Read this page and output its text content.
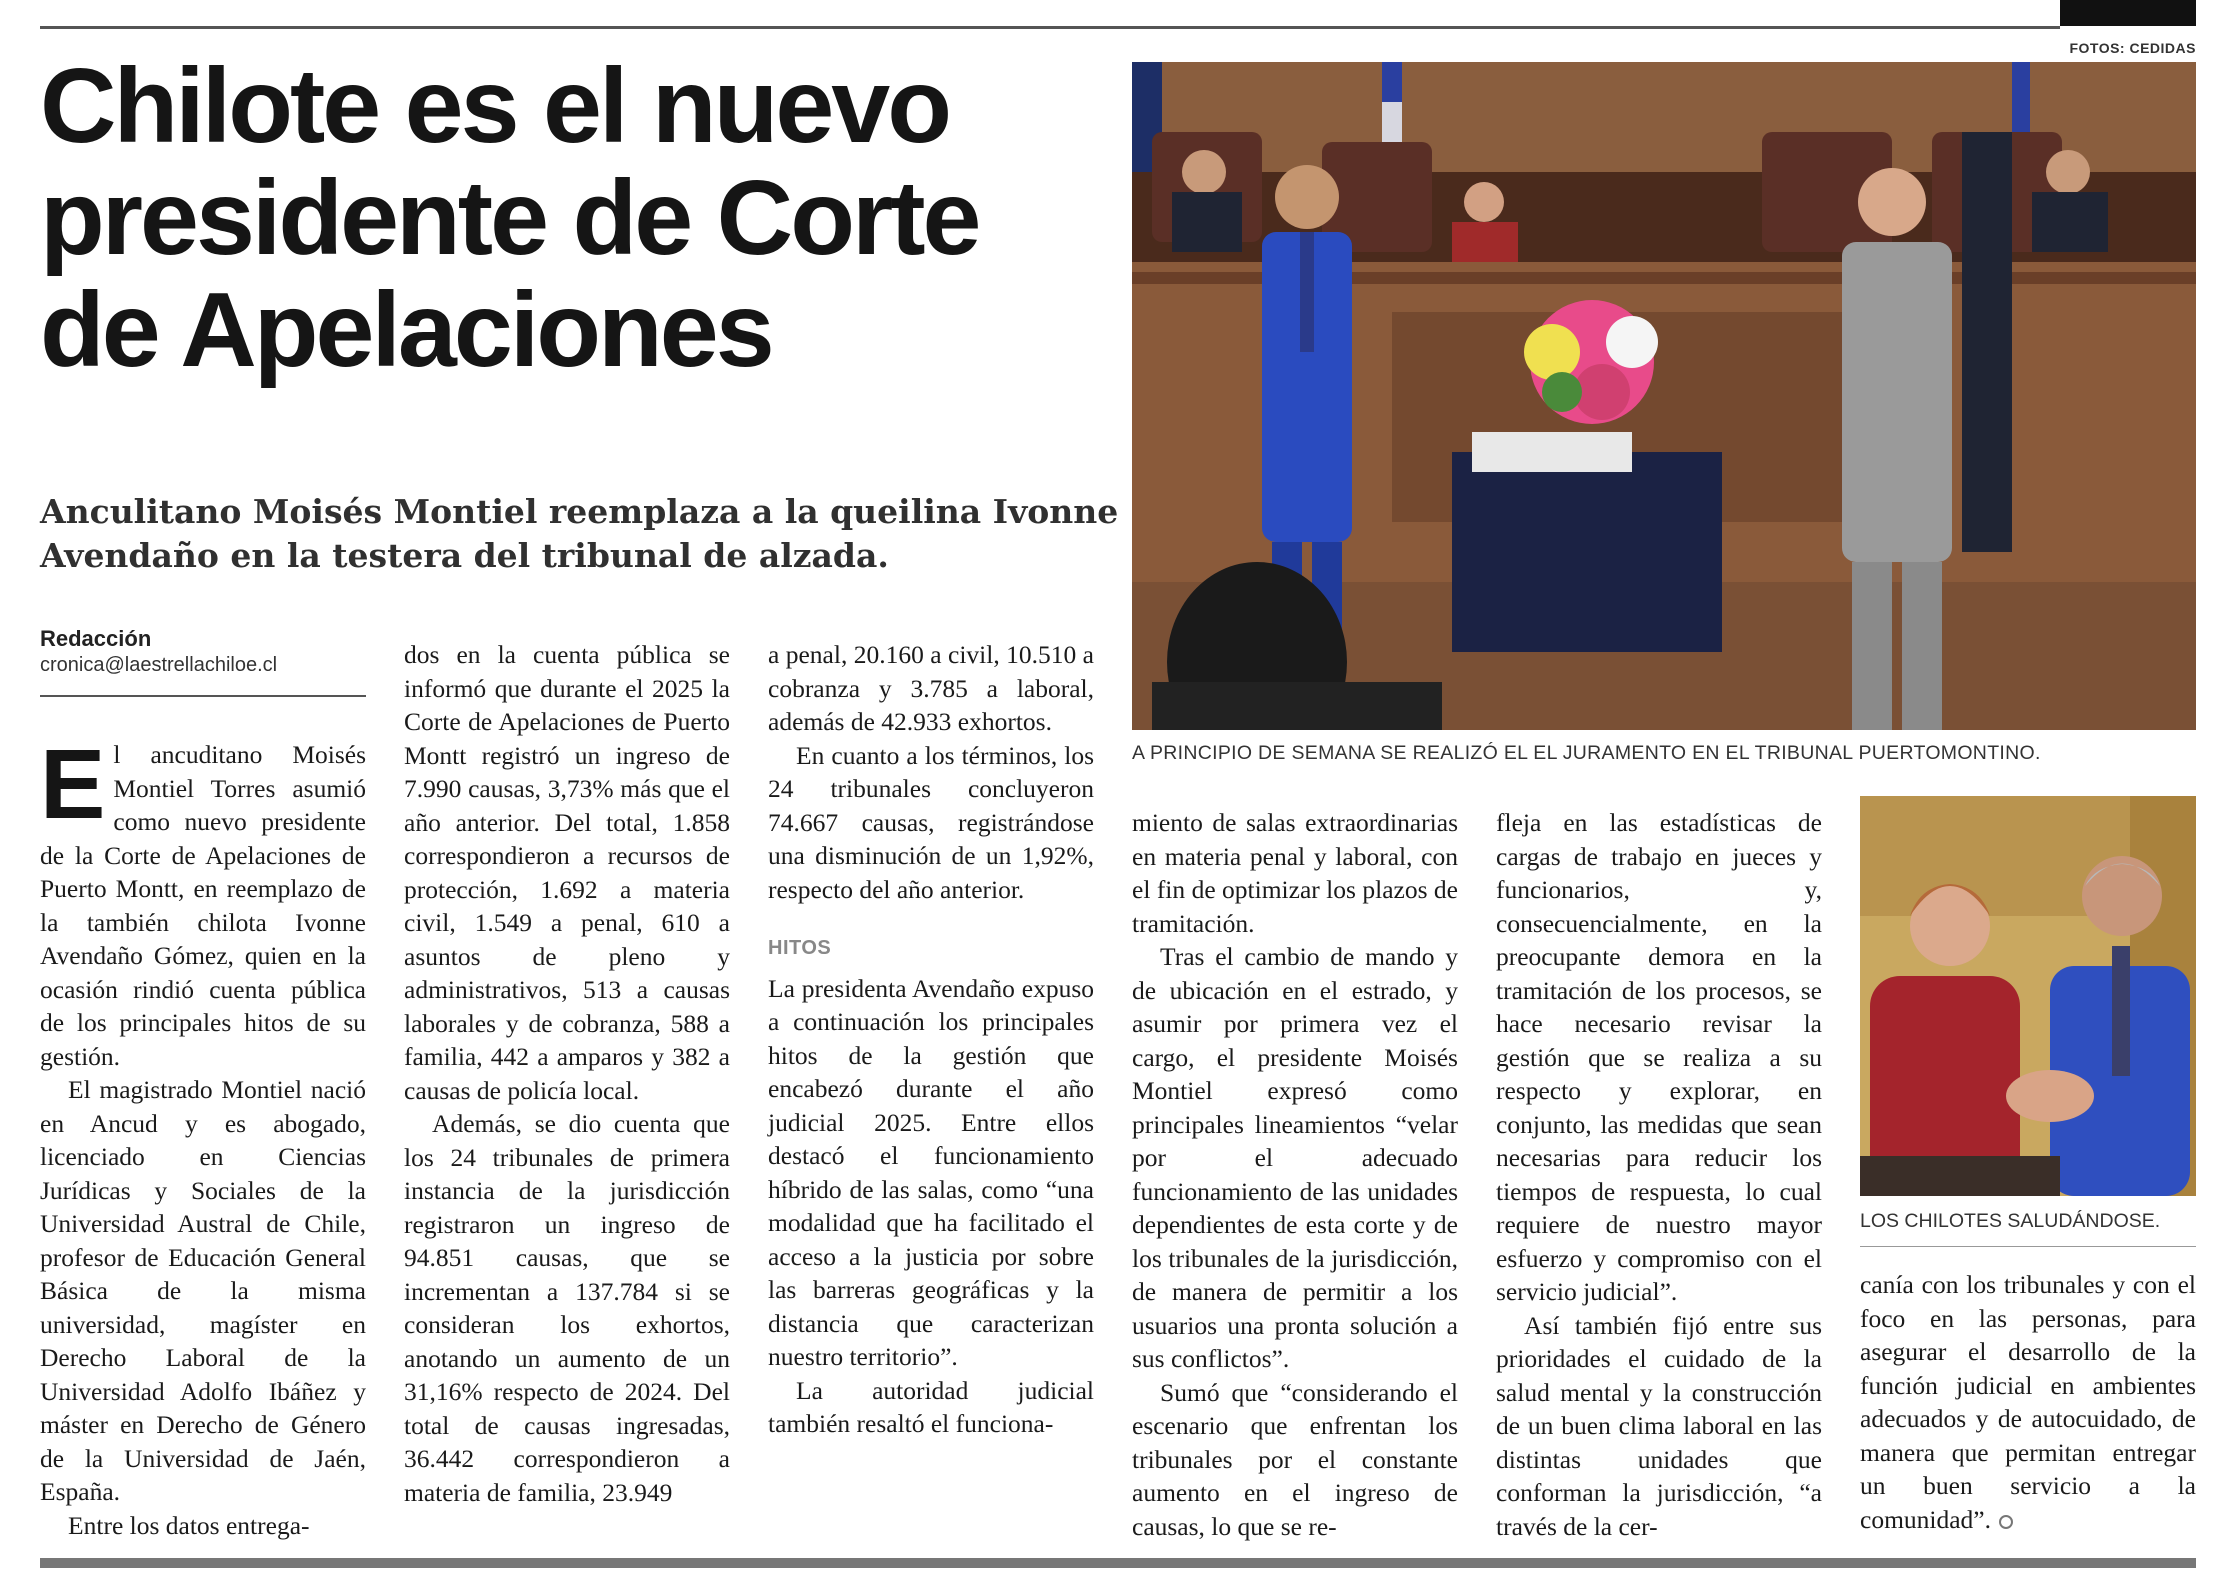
FOTOS: CEDIDAS
Chilote es el nuevo presidente de Corte de Apelaciones
Anculitano Moisés Montiel reemplaza a la queilina Ivonne Avendaño en la testera del tribunal de alzada.
Redacción
cronica@laestrellachiloe.cl

El ancuditano Moisés Montiel Torres asumió como nuevo presidente de la Corte de Apelaciones de Puerto Montt, en reemplazo de la también chilota Ivonne Avendaño Gómez, quien en la ocasión rindió cuenta pública de los principales hitos de su gestión.

El magistrado Montiel nació en Ancud y es abogado, licenciado en Ciencias Jurídicas y Sociales de la Universidad Austral de Chile, profesor de Educación General Básica de la misma universidad, magíster en Derecho Laboral de la Universidad Adolfo Ibáñez y máster en Derecho de Género de la Universidad de Jaén, España.

Entre los datos entrega-

dos en la cuenta pública se informó que durante el 2025 la Corte de Apelaciones de Puerto Montt registró un ingreso de 7.990 causas, 3,73% más que el año anterior. Del total, 1.858 correspondieron a recursos de protección, 1.692 a materia civil, 1.549 a penal, 610 a asuntos de pleno y administrativos, 513 a causas laborales y de cobranza, 588 a familia, 442 a amparos y 382 a causas de policía local.

Además, se dio cuenta que los 24 tribunales de primera instancia de la jurisdicción registraron un ingreso de 94.851 causas, que se incrementan a 137.784 si se consideran los exhortos, anotando un aumento de un 31,16% respecto de 2024. Del total de causas ingresadas, 36.442 correspondieron a materia de familia, 23.949

a penal, 20.160 a civil, 10.510 a cobranza y 3.785 a laboral, además de 42.933 exhortos.

En cuanto a los términos, los 24 tribunales concluyeron 74.667 causas, registrándose una disminución de un 1,92%, respecto del año anterior.

HITOS

La presidenta Avendaño expuso a continuación los principales hitos de la gestión que encabezó durante el año judicial 2025. Entre ellos destacó el funcionamiento híbrido de las salas, como “una modalidad que ha facilitado el acceso a la justicia por sobre las barreras geográficas y la distancia que caracterizan nuestro territorio”.

La autoridad judicial también resaltó el funciona-

A PRINCIPIO DE SEMANA SE REALIZÓ EL EL JURAMENTO EN EL TRIBUNAL PUERTOMONTINO.

miento de salas extraordinarias en materia penal y laboral, con el fin de optimizar los plazos de tramitación.

Tras el cambio de mando y de ubicación en el estrado, y asumir por primera vez el cargo, el presidente Moisés Montiel expresó como principales lineamientos “velar por el adecuado funcionamiento de las unidades dependientes de esta corte y de los tribunales de la jurisdicción, de manera de permitir a los usuarios una pronta solución a sus conflictos”.

Sumó que “considerando el escenario que enfrentan los tribunales por el constante aumento en el ingreso de causas, lo que se re-

fleja en las estadísticas de cargas de trabajo en jueces y funcionarios, y, consecuencialmente, en la preocupante demora en la tramitación de los procesos, se hace necesario revisar la gestión que se realiza a su respecto y explorar, en conjunto, las medidas que sean necesarias para reducir los tiempos de respuesta, lo cual requiere de nuestro mayor esfuerzo y compromiso con el servicio judicial”.

Así también fijó entre sus prioridades el cuidado de la salud mental y la construcción de un buen clima laboral en las distintas unidades que conforman la jurisdicción, “a través de la cer-

LOS CHILOTES SALUDÁNDOSE.

canía con los tribunales y con el foco en las personas, para asegurar el desarrollo de la función judicial en ambientes adecuados y de autocuidado, de manera que permitan entregar un buen servicio a la comunidad”.
